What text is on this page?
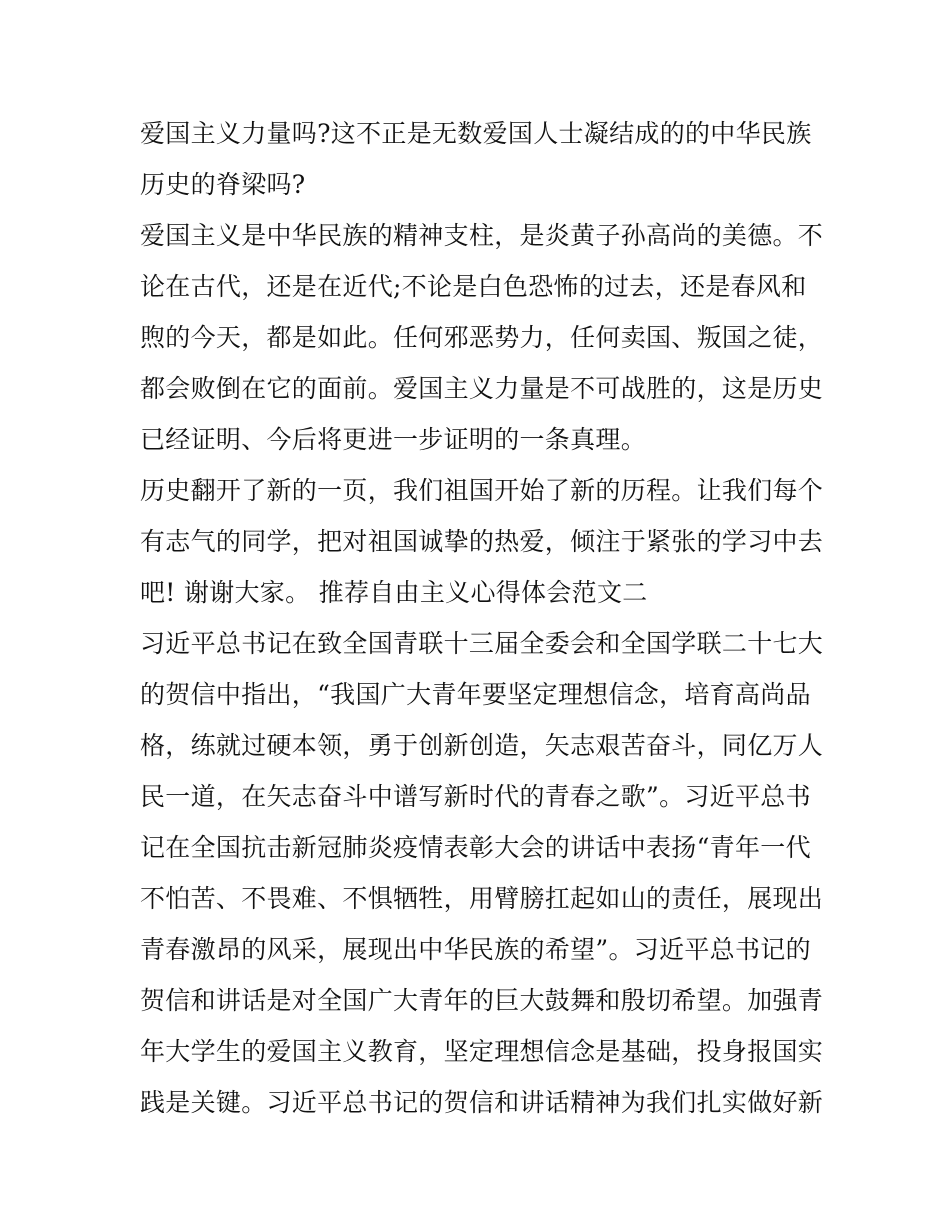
爱国主义力量吗?这不正是无数爱国人士凝结成的的中华民族
历史的脊梁吗?
爱国主义是中华民族的精神支柱，是炎黄子孙高尚的美德。不
论在古代，还是在近代;不论是白色恐怖的过去，还是春风和
煦的今天，都是如此。任何邪恶势力，任何卖国、叛国之徒，
都会败倒在它的面前。爱国主义力量是不可战胜的，这是历史
已经证明、今后将更进一步证明的一条真理。
历史翻开了新的一页，我们祖国开始了新的历程。让我们每个
有志气的同学，把对祖国诚挚的热爱，倾注于紧张的学习中去
吧! 谢谢大家。 推荐自由主义心得体会范文二
习近平总书记在致全国青联十三届全委会和全国学联二十七大
的贺信中指出，“我国广大青年要坚定理想信念，培育高尚品
格，练就过硬本领，勇于创新创造，矢志艰苦奋斗，同亿万人
民一道，在矢志奋斗中谱写新时代的青春之歌”。习近平总书
记在全国抗击新冠肺炎疫情表彰大会的讲话中表扬“青年一代
不怕苦、不畏难、不惧牺牲，用臂膀扛起如山的责任，展现出
青春激昂的风采，展现出中华民族的希望”。习近平总书记的
贺信和讲话是对全国广大青年的巨大鼓舞和殷切希望。加强青
年大学生的爱国主义教育，坚定理想信念是基础，投身报国实
践是关键。习近平总书记的贺信和讲话精神为我们扎实做好新
